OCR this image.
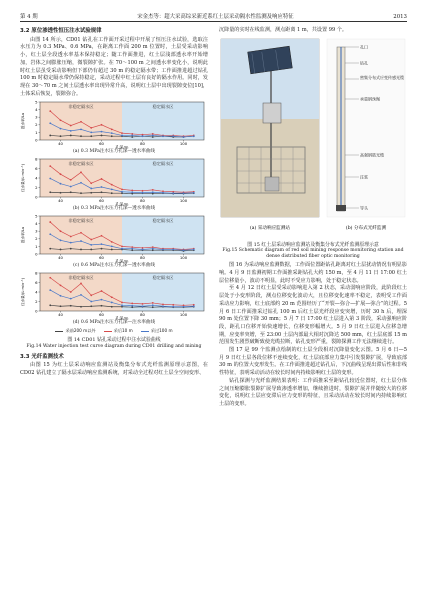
第 4 期	宋金杰等：超大采高综采新近系红土层采动隔水性监测及响应特征	2013
3.2 原位渗透性恒压注水试验规律

由图 14 所示，CD01 钻孔在工作面开采过程中开展了恒压注水试验，选取注水压力为 0.3 MPa、0.6 MPa，在距离工作面 200 m 位置时，土层受采动影响小，红土层全段透水率基本保持稳定；随工作面推进，红土层浅部透水率开始增加，岩体之间膨胀压缩，微裂隙扩张。在 70～100 m 之间透水率变化小，说明此时红土层虽受采动影响但下部仍有超过 30 m 的稳定隔水带；工作面推进超过钻孔 100 m 时稳定隔水带仍保持稳定，采动过程中红土层有良好的隔水作用。同时，发现在 30～70 m 之间土层透水率出现异常升高，说明红土层中出现裂隙变位[10]，土体采后恢复，裂隙弥合。

非稳定隔水区	稳定隔水区
0
1
2
3
4
5
40	60	80	100
孔深/m
透水率/Lu
(a) 0.3 MPa注水压力孔深—透水率曲线
非稳定隔水区	稳定隔水区
0
2
4
6
8
40	60	80	100
孔深/m
注水量/(L·min⁻¹)
(b) 0.3 MPa注水压力孔深—透水率曲线
非稳定隔水区	稳定隔水区
0
1
2
3
4
5
40	60	80	100
孔深/m
透水率/Lu
(c) 0.6 MPa注水压力孔深—透水率曲线
非稳定隔水区	稳定隔水区
0
2
4
6
8
40	60	80	100
孔深/m
注水量/(L·min⁻¹)
(d) 0.6 MPa注水压力孔深—注水率曲线
采前200 m以外	采后10 m	采过100 m
图 14 CD01 钻孔采动过程中注水试验曲线
Fig.14 Water injection test curve diagram during CD01 drilling and mining
3.3 光纤监测技术

由图 15 为红土层采动响应监测站及衡集分布式光纤监测原理示意图，在 CD02 钻孔建立了隔水层采动响应监测系统，对采动全过程对红土层全空间变形、

沉降量的实时在线监测，测点距离 1 m，共设置 99 个。

(a) 采动响应监测站
孔口
钻孔
密集分布式应变传感光缆
承重钢丝绳
高强钢筋光缆
注浆
导头
(b) 分布式光纤监测
图 15 红土层采动响应监测站及衡集分布式光纤监测原理示意
Fig.15 Schematic diagram of red soil mining response monitoring station and dense distributed fiber optic monitoring

图 16 为采动响应监测数据，工作面位置距钻孔距离对红土层扰动情况有明显影响。4 月 9 日监测初期工作面推采距钻孔大约 150 m，至 4 月 11 日 17:00 红土层位移量小，波动不明显，此时不受应力影响，处于稳定状态。

至 4 月 12 日红土层受采动影响进入第 2 状态，采动弱响应阶段，此阶段红土层处于小变形阶段，测点位移变化波动大，且位移变化速率不稳定，表明受工作面采动应力影响，红土底部约 20 m 范围经历了“开裂—弥合—扩展—弥合”的过程。5 月 6 日工作面推采过钻孔 100 m 后红土层光纤段应变突增，历时 30 h 后，埋深 90 m 处位置下降 30 mm；5 月 7 日 17:00 红土层进入第 3 阶段，采动强响应阶段，距孔口位移开始快速增长，位移变形幅增大。5 月 9 日红土层进入位移急增期，应变率突增，至 23:00 土层内部最大相对沉降达 500 mm，红土层底部 15 m 范围发生剧烈破断致使光缆拉断，钻孔变形严重，裂隙探测工作无法继续进行。

图 17 是 99 个监测点绘制的红土层全段相对沉降量变化云图。5 月 6 日—5 月 9 日红土层各段位移不连续变化，红土层底部应力集中引发裂隙扩展，导致底部 30 m 的位置大变形发生。在工作面推进超过钻孔后，下沉曲线呈现出滞后性和非线性特征，表明采动活动在较长时间内持续影响红土层的变形。

钻孔探测与光纤监测结果表明：工作面推采至距钻孔较近位置时，红土层分体之间压缩膨胀裂隙扩展导致渗透率增加，继续推进时，裂隙扩展并伴随较大的位移变化，说明红土层应变滞后应力变形的特征，且采动活动在较长时间内持续影响红土层的变形。
